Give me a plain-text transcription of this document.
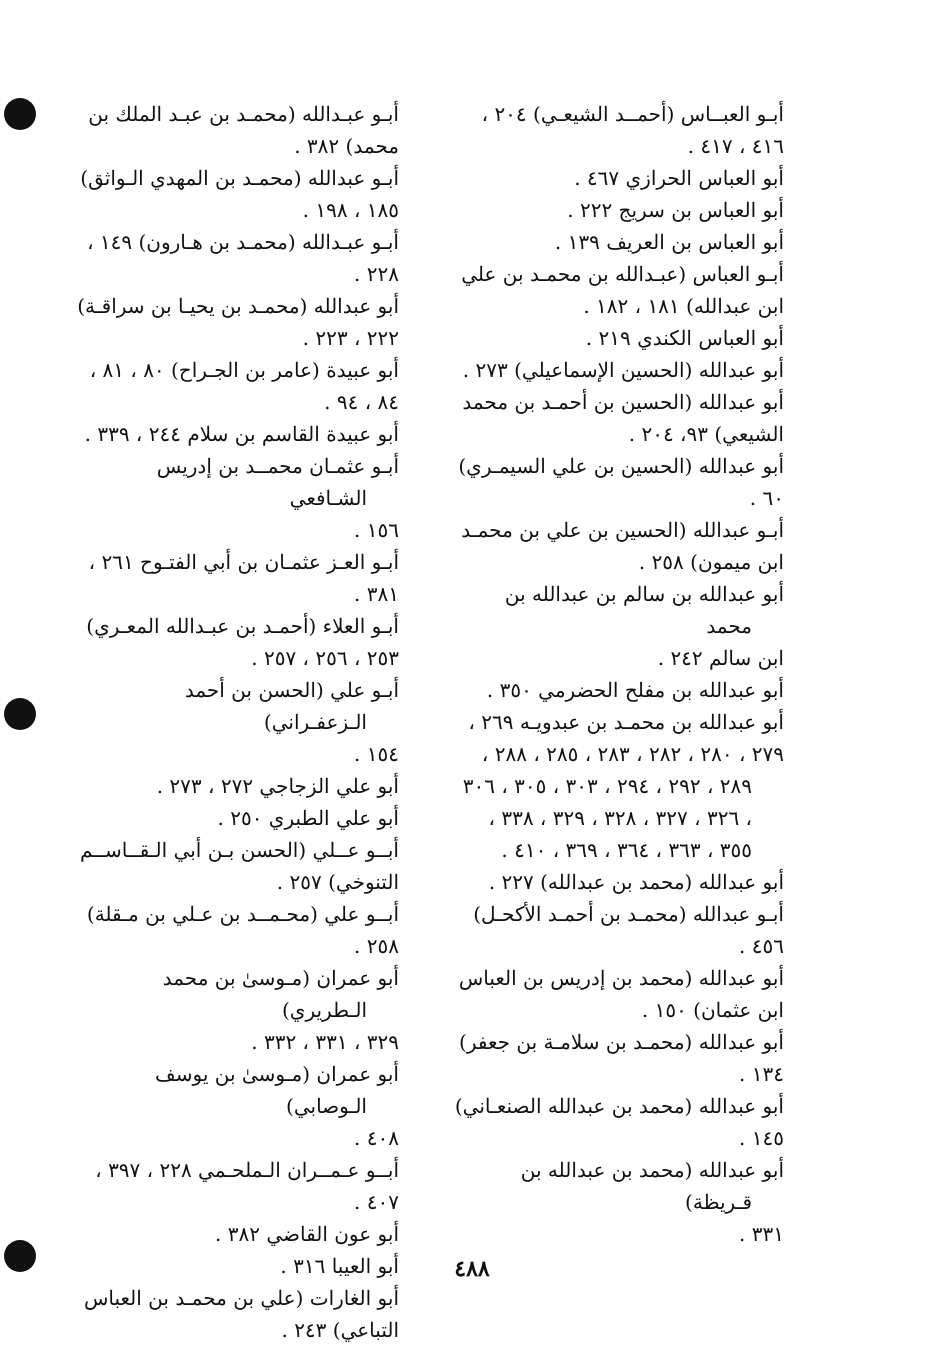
أبـو العبــاس (أحمــد الشيعـي) ٢٠٤ ،
٤١٦ ، ٤١٧ .

أبو العباس الحرازي ٤٦٧ .

أبو العباس بن سريج ٢٢٢ .

أبو العباس بن العريف ١٣٩ .

أبـو العباس (عبـدالله بن محمـد بن علي
ابن عبدالله) ١٨١ ، ١٨٢ .

أبو العباس الكندي ٢١٩ .

أبو عبدالله (الحسين الإسماعيلي) ٢٧٣ .

أبو عبدالله (الحسين بن أحمـد بن محمد
الشيعي) ٩٣، ٢٠٤ .

أبو عبدالله (الحسين بن علي السيمـري)
٦٠ .

أبـو عبدالله (الحسين بن علي بن محمـد
ابن ميمون) ٢٥٨ .

أبو عبدالله بن سالم بن عبدالله بن محمد
ابن سالم ٢٤٢ .

أبو عبدالله بن مفلح الحضرمي ٣٥٠ .

أبو عبدالله بن محمـد بن عبدويـه ٢٦٩ ،
٢٧٩ ، ٢٨٠ ، ٢٨٢ ، ٢٨٣ ، ٢٨٥ ، ٢٨٨ ، ٢٨٩ ، ٢٩٢ ، ٢٩٤ ، ٣٠٣ ، ٣٠٥ ، ٣٠٦ ، ٣٢٦ ، ٣٢٧ ، ٣٢٨ ، ٣٢٩ ، ٣٣٨ ، ٣٥٥ ، ٣٦٣ ، ٣٦٤ ، ٣٦٩ ، ٤١٠ .

أبو عبدالله (محمد بن عبدالله) ٢٢٧ .

أبـو عبدالله (محمـد بن أحمـد الأكحـل)
٤٥٦ .

أبو عبدالله (محمد بن إدريس بن العباس
ابن عثمان) ١٥٠ .

أبو عبدالله (محمـد بن سلامـة بن جعفر)
١٣٤ .

أبو عبدالله (محمد بن عبدالله الصنعـاني)
١٤٥ .

أبو عبدالله (محمد بن عبدالله بن قـريظة)
٣٣١ .

أبـو عبـدالله (محمـد بن عبـد الملك بن
محمد) ٣٨٢ .

أبـو عبدالله (محمـد بن المهدي الـواثق)
١٨٥ ، ١٩٨ .

أبـو عبـدالله (محمـد بن هـارون) ١٤٩ ،
٢٢٨ .

أبو عبدالله (محمـد بن يحيـا بن سراقـة)
٢٢٢ ، ٢٢٣ .

أبو عبيدة (عامر بن الجـراح) ٨٠ ، ٨١ ،
٨٤ ، ٩٤ .

أبو عبيدة القاسم بن سلام ٢٤٤ ، ٣٣٩ .

أبـو عثمـان محمــد بن إدريس الشـافعي
١٥٦ .

أبـو العـز عثمـان بن أبي الفتـوح ٢٦١ ،
٣٨١ .

أبـو العلاء (أحمـد بن عبـدالله المعـري)
٢٥٣ ، ٢٥٦ ، ٢٥٧ .

أبـو علي (الحسن بن أحمد الـزعفـراني)
١٥٤ .

أبو علي الزجاجي ٢٧٢ ، ٢٧٣ .

أبو علي الطبري ٢٥٠ .

أبــو عــلي (الحسن بـن أبي الـقــاســم
التنوخي) ٢٥٧ .

أبــو علي (محـمــد بن عـلي بن مـقلة)
٢٥٨ .

أبو عمران (مـوسىٰ بن محمد الـطريري)
٣٢٩ ، ٣٣١ ، ٣٣٢ .

أبو عمران (مـوسىٰ بن يوسف الـوصابي)
٤٠٨ .

أبــو عـمــران الـملحـمي ٢٢٨ ، ٣٩٧ ،
٤٠٧ .

أبو عون القاضي ٣٨٢ .

أبو العيبا ٣١٦ .

أبو الغارات (علي بن محمـد بن العباس
التباعي) ٢٤٣ .

٤٨٨
